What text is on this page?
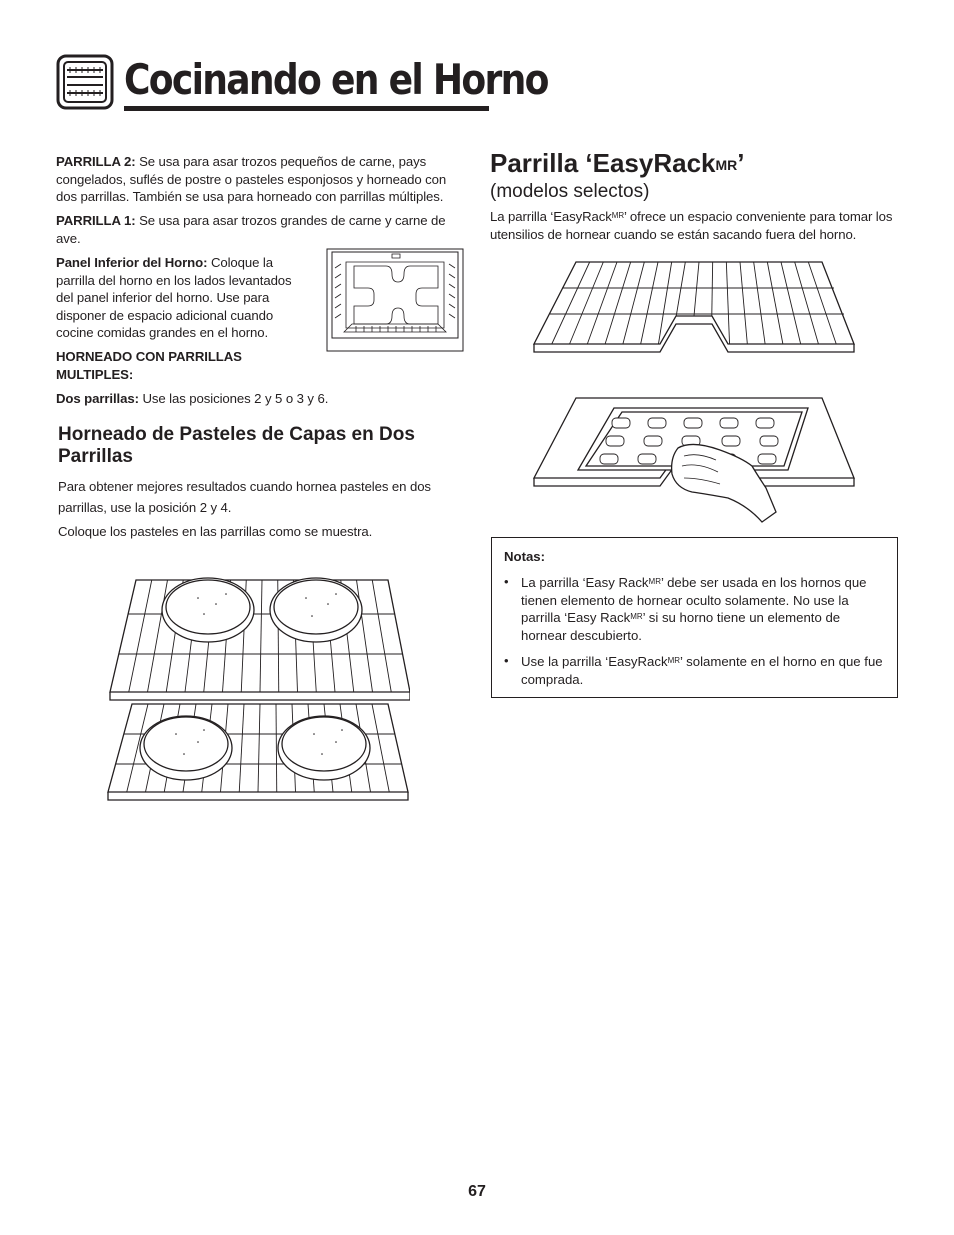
Cocinando en el Horno

PARRILLA 2: Se usa para asar trozos pequeños de carne, pays congelados, suflés de postre o pasteles esponjosos y horneado con dos parrillas. También se usa para horneado con parrillas múltiples.

PARRILLA 1: Se usa para asar trozos grandes de carne y carne de ave.

Panel Inferior del Horno: Coloque la parrilla del horno en los lados levantados del panel inferior del horno. Use para disponer de espacio adicional cuando cocine comidas grandes en el horno.

HORNEADO CON PARRILLAS MULTIPLES:

Dos parrillas: Use las posiciones 2 y 5 o 3 y 6.

Horneado de Pasteles de Capas en Dos Parrillas

Para obtener mejores resultados cuando hornea pasteles en dos parrillas, use la posición 2 y 4.

Coloque los pasteles en las parrillas como se muestra.

Parrilla ‘EasyRack$^{MR}$’

(modelos selectos)

La parrilla ‘EasyRack$^{MR}$’ ofrece un espacio conveniente para tomar los utensilios de hornear cuando se están sacando fuera del horno.

Notas:

• La parrilla ‘Easy Rack$^{MR}$’ debe ser usada en los hornos que tienen elemento de hornear oculto solamente. No use la parrilla ‘Easy Rack$^{MR}$’ si su horno tiene un elemento de hornear descubierto.

• Use la parrilla ‘EasyRack$^{MR}$’ solamente en el horno en que fue comprada.

67
